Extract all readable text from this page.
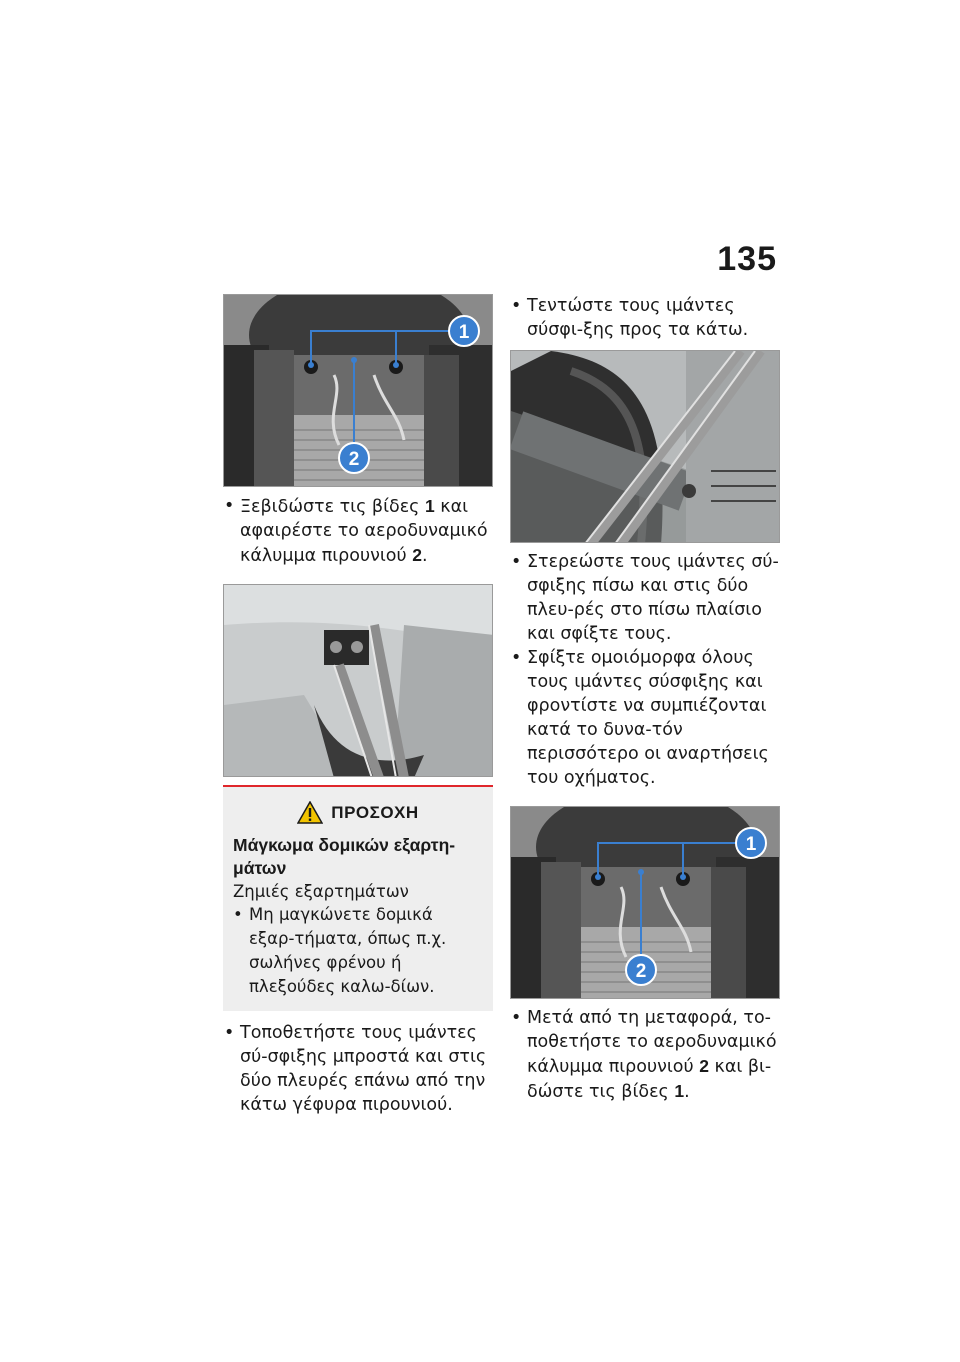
135
1
2

• Ξεβιδώστε τις βίδες 1 και αφαιρέστε το αεροδυναμικό κάλυμμα πιρουνιού 2.

ΠΡΟΣΟΧΗ
Μάγκωμα δομικών εξαρτη-μάτων
Ζημιές εξαρτημάτων
• Μη μαγκώνετε δομικά εξαρ-τήματα, όπως π.χ. σωλήνες φρένου ή πλεξούδες καλω-δίων.

• Τοποθετήστε τους ιμάντες σύ-σφιξης μπροστά και στις δύο πλευρές επάνω από την κάτω γέφυρα πιρουνιού.

• Τεντώστε τους ιμάντες σύσφι-ξης προς τα κάτω.

• Στερεώστε τους ιμάντες σύ-σφιξης πίσω και στις δύο πλευ-ρές στο πίσω πλαίσιο και σφίξτε τους.

• Σφίξτε ομοιόμορφα όλους τους ιμάντες σύσφιξης και φροντίστε να συμπιέζονται κατά το δυνα-τόν περισσότερο οι αναρτήσεις του οχήματος.

1
2

• Μετά από τη μεταφορά, το-ποθετήστε το αεροδυναμικό κάλυμμα πιρουνιού 2 και βι-δώστε τις βίδες 1.
